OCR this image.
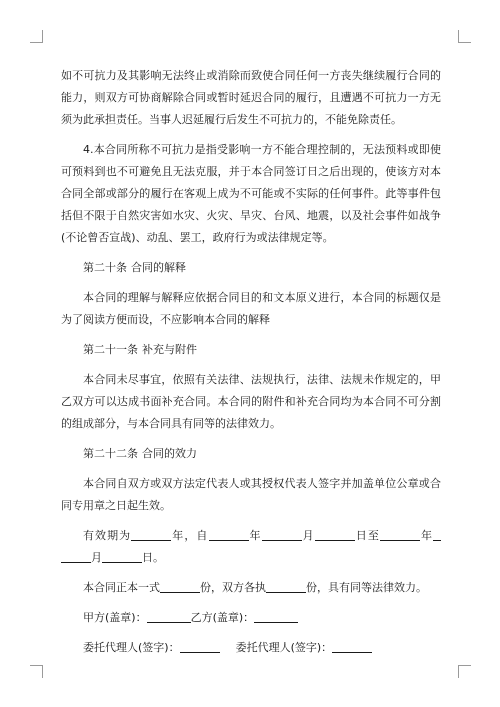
如不可抗力及其影响无法终止或消除而致使合同任何一方丧失继续履行合同的能力，则双方可协商解除合同或暂时延迟合同的履行，且遭遇不可抗力一方无须为此承担责任。当事人迟延履行后发生不可抗力的，不能免除责任。

4.本合同所称不可抗力是指受影响一方不能合理控制的，无法预料或即使可预料到也不可避免且无法克服，并于本合同签订日之后出现的，使该方对本合同全部或部分的履行在客观上成为不可能或不实际的任何事件。此等事件包括但不限于自然灾害如水灾、火灾、旱灾、台风、地震，以及社会事件如战争(不论曾否宣战)、动乱、罢工，政府行为或法律规定等。

第二十条 合同的解释

本合同的理解与解释应依据合同目的和文本原义进行，本合同的标题仅是为了阅读方便而设，不应影响本合同的解释

第二十一条 补充与附件

本合同未尽事宜，依照有关法律、法规执行，法律、法规未作规定的，甲乙双方可以达成书面补充合同。本合同的附件和补充合同均为本合同不可分割的组成部分，与本合同具有同等的法律效力。

第二十二条 合同的效力

本合同自双方或双方法定代表人或其授权代表人签字并加盖单位公章或合同专用章之日起生效。

有效期为	年，自	年	月	日至	年月	日。

本合同正本一式	份，双方各执	份，具有同等法律效力。

甲方(盖章)：	乙方(盖章)：

委托代理人(签字)：	委托代理人(签字)：
